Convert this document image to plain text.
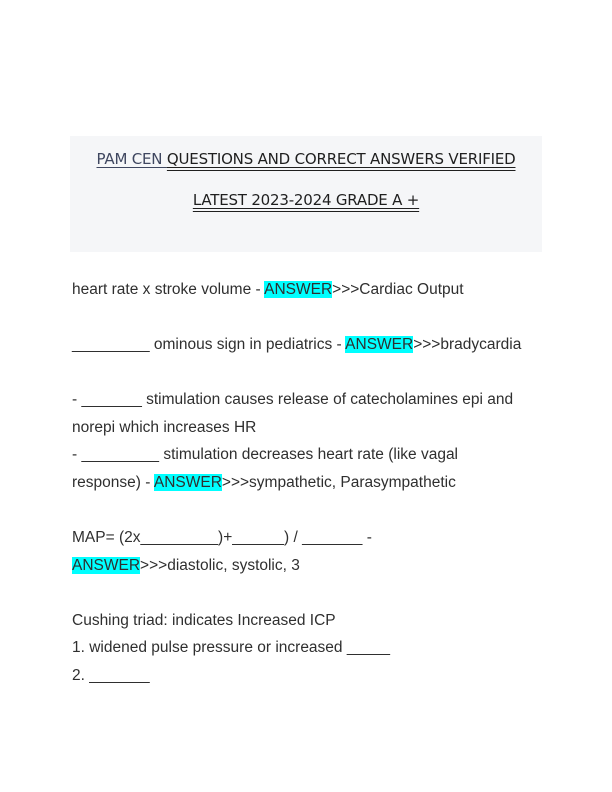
PAM CEN QUESTIONS AND CORRECT ANSWERS VERIFIED
LATEST 2023-2024 GRADE A +
heart rate x stroke volume - ANSWER>>>Cardiac Output
_________ ominous sign in pediatrics - ANSWER>>>bradycardia
- _______ stimulation causes release of catecholamines epi and
norepi which increases HR
- _________ stimulation decreases heart rate (like vagal
response) - ANSWER>>>sympathetic, Parasympathetic
MAP= (2x_________)+______) / _______ -
ANSWER>>>diastolic, systolic, 3
Cushing triad: indicates Increased ICP
1. widened pulse pressure or increased _____
2. _______
